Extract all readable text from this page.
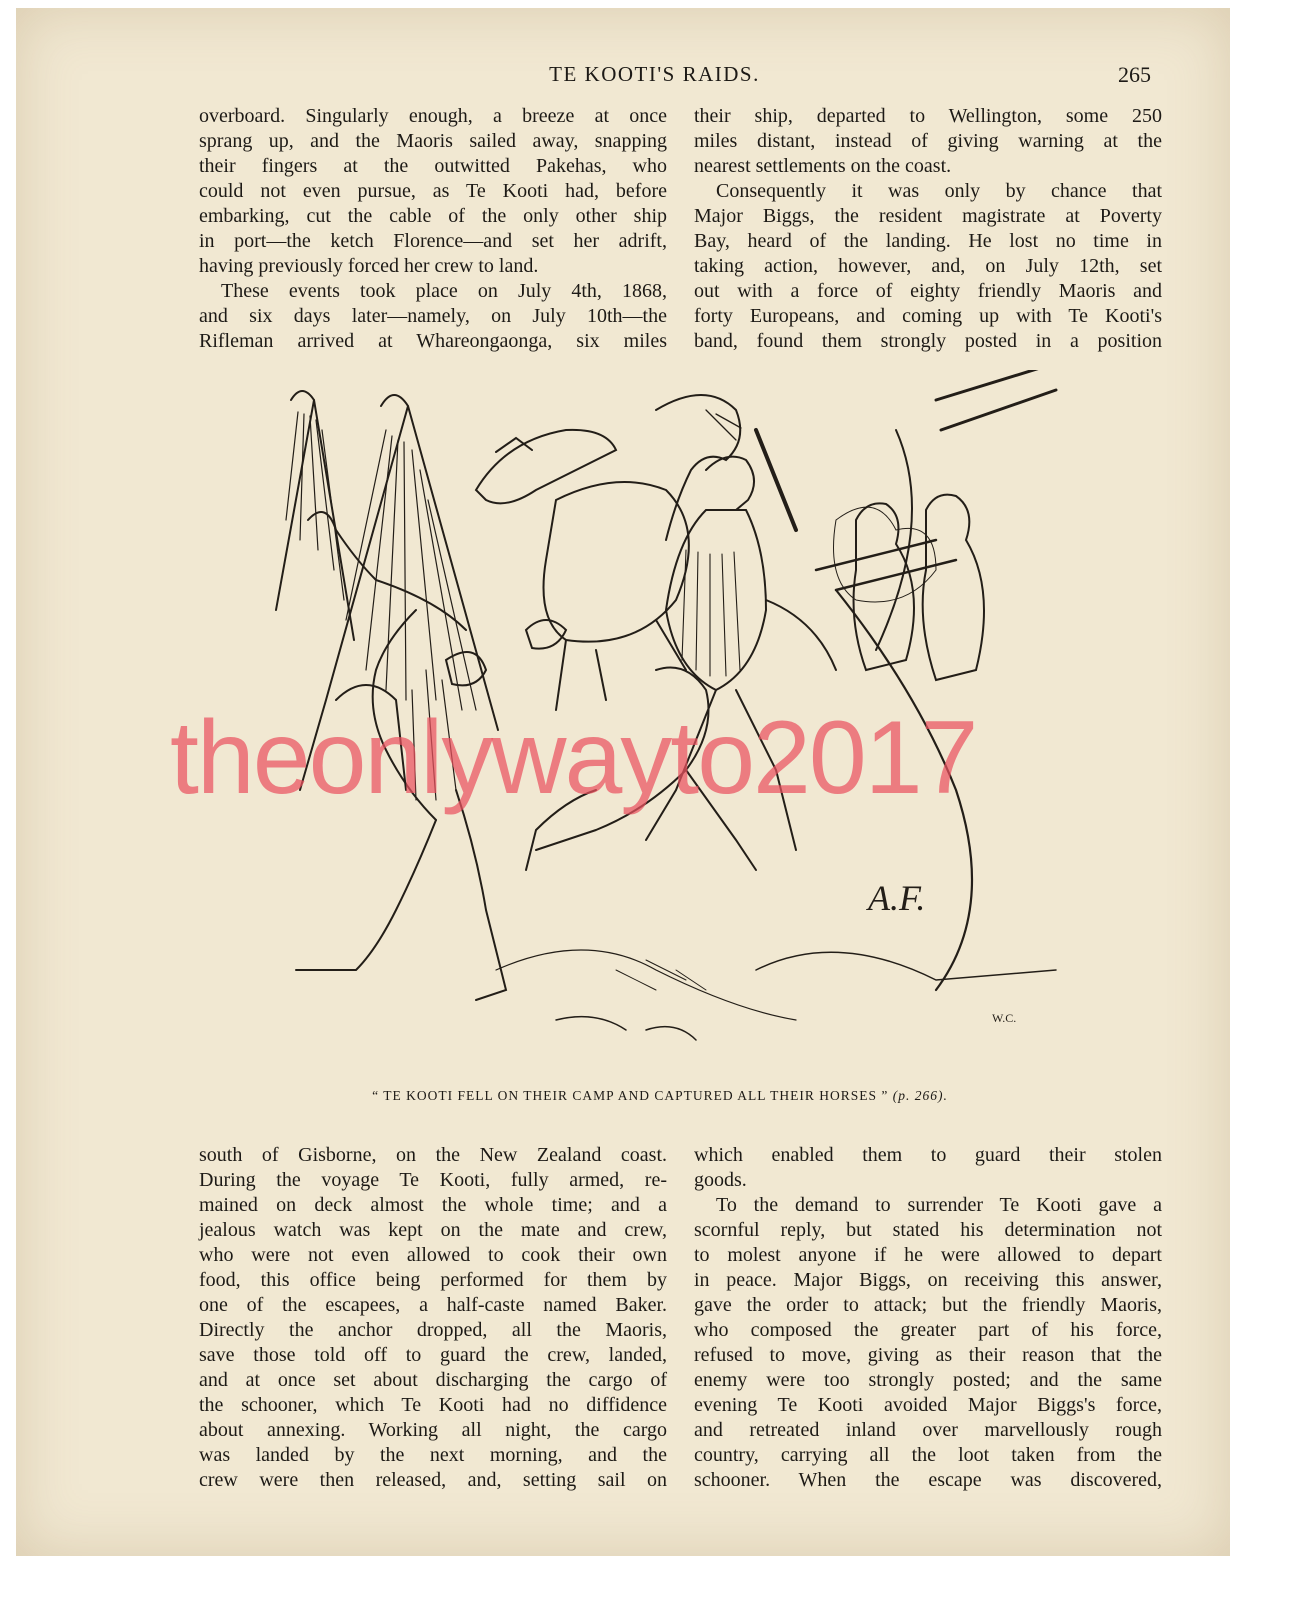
TE KOOTI'S RAIDS.	265
overboard. Singularly enough, a breeze at once
sprang up, and the Maoris sailed away, snapping
their fingers at the outwitted Pakehas, who
could not even pursue, as Te Kooti had, before
embarking, cut the cable of the only other ship
in port—the ketch Florence—and set her adrift,
having previously forced her crew to land.
These events took place on July 4th, 1868,
and six days later—namely, on July 10th—the
Rifleman arrived at Whareongaonga, six miles
their ship, departed to Wellington, some 250
miles distant, instead of giving warning at the
nearest settlements on the coast.
Consequently it was only by chance that
Major Biggs, the resident magistrate at Poverty
Bay, heard of the landing. He lost no time in
taking action, however, and, on July 12th, set
out with a force of eighty friendly Maoris and
forty Europeans, and coming up with Te Kooti's
band, found them strongly posted in a position
A.F.
W.C.
“ TE KOOTI FELL ON THEIR CAMP AND CAPTURED ALL THEIR HORSES ” (p. 266).
south of Gisborne, on the New Zealand coast.
During the voyage Te Kooti, fully armed, re-
mained on deck almost the whole time; and a
jealous watch was kept on the mate and crew,
who were not even allowed to cook their own
food, this office being performed for them by
one of the escapees, a half-caste named Baker.
Directly the anchor dropped, all the Maoris,
save those told off to guard the crew, landed,
and at once set about discharging the cargo of
the schooner, which Te Kooti had no diffidence
about annexing. Working all night, the cargo
was landed by the next morning, and the
crew were then released, and, setting sail on
which enabled them to guard their stolen
goods.
To the demand to surrender Te Kooti gave a
scornful reply, but stated his determination not
to molest anyone if he were allowed to depart
in peace. Major Biggs, on receiving this answer,
gave the order to attack; but the friendly Maoris,
who composed the greater part of his force,
refused to move, giving as their reason that the
enemy were too strongly posted; and the same
evening Te Kooti avoided Major Biggs's force,
and retreated inland over marvellously rough
country, carrying all the loot taken from the
schooner. When the escape was discovered,
theonlywayto2017
